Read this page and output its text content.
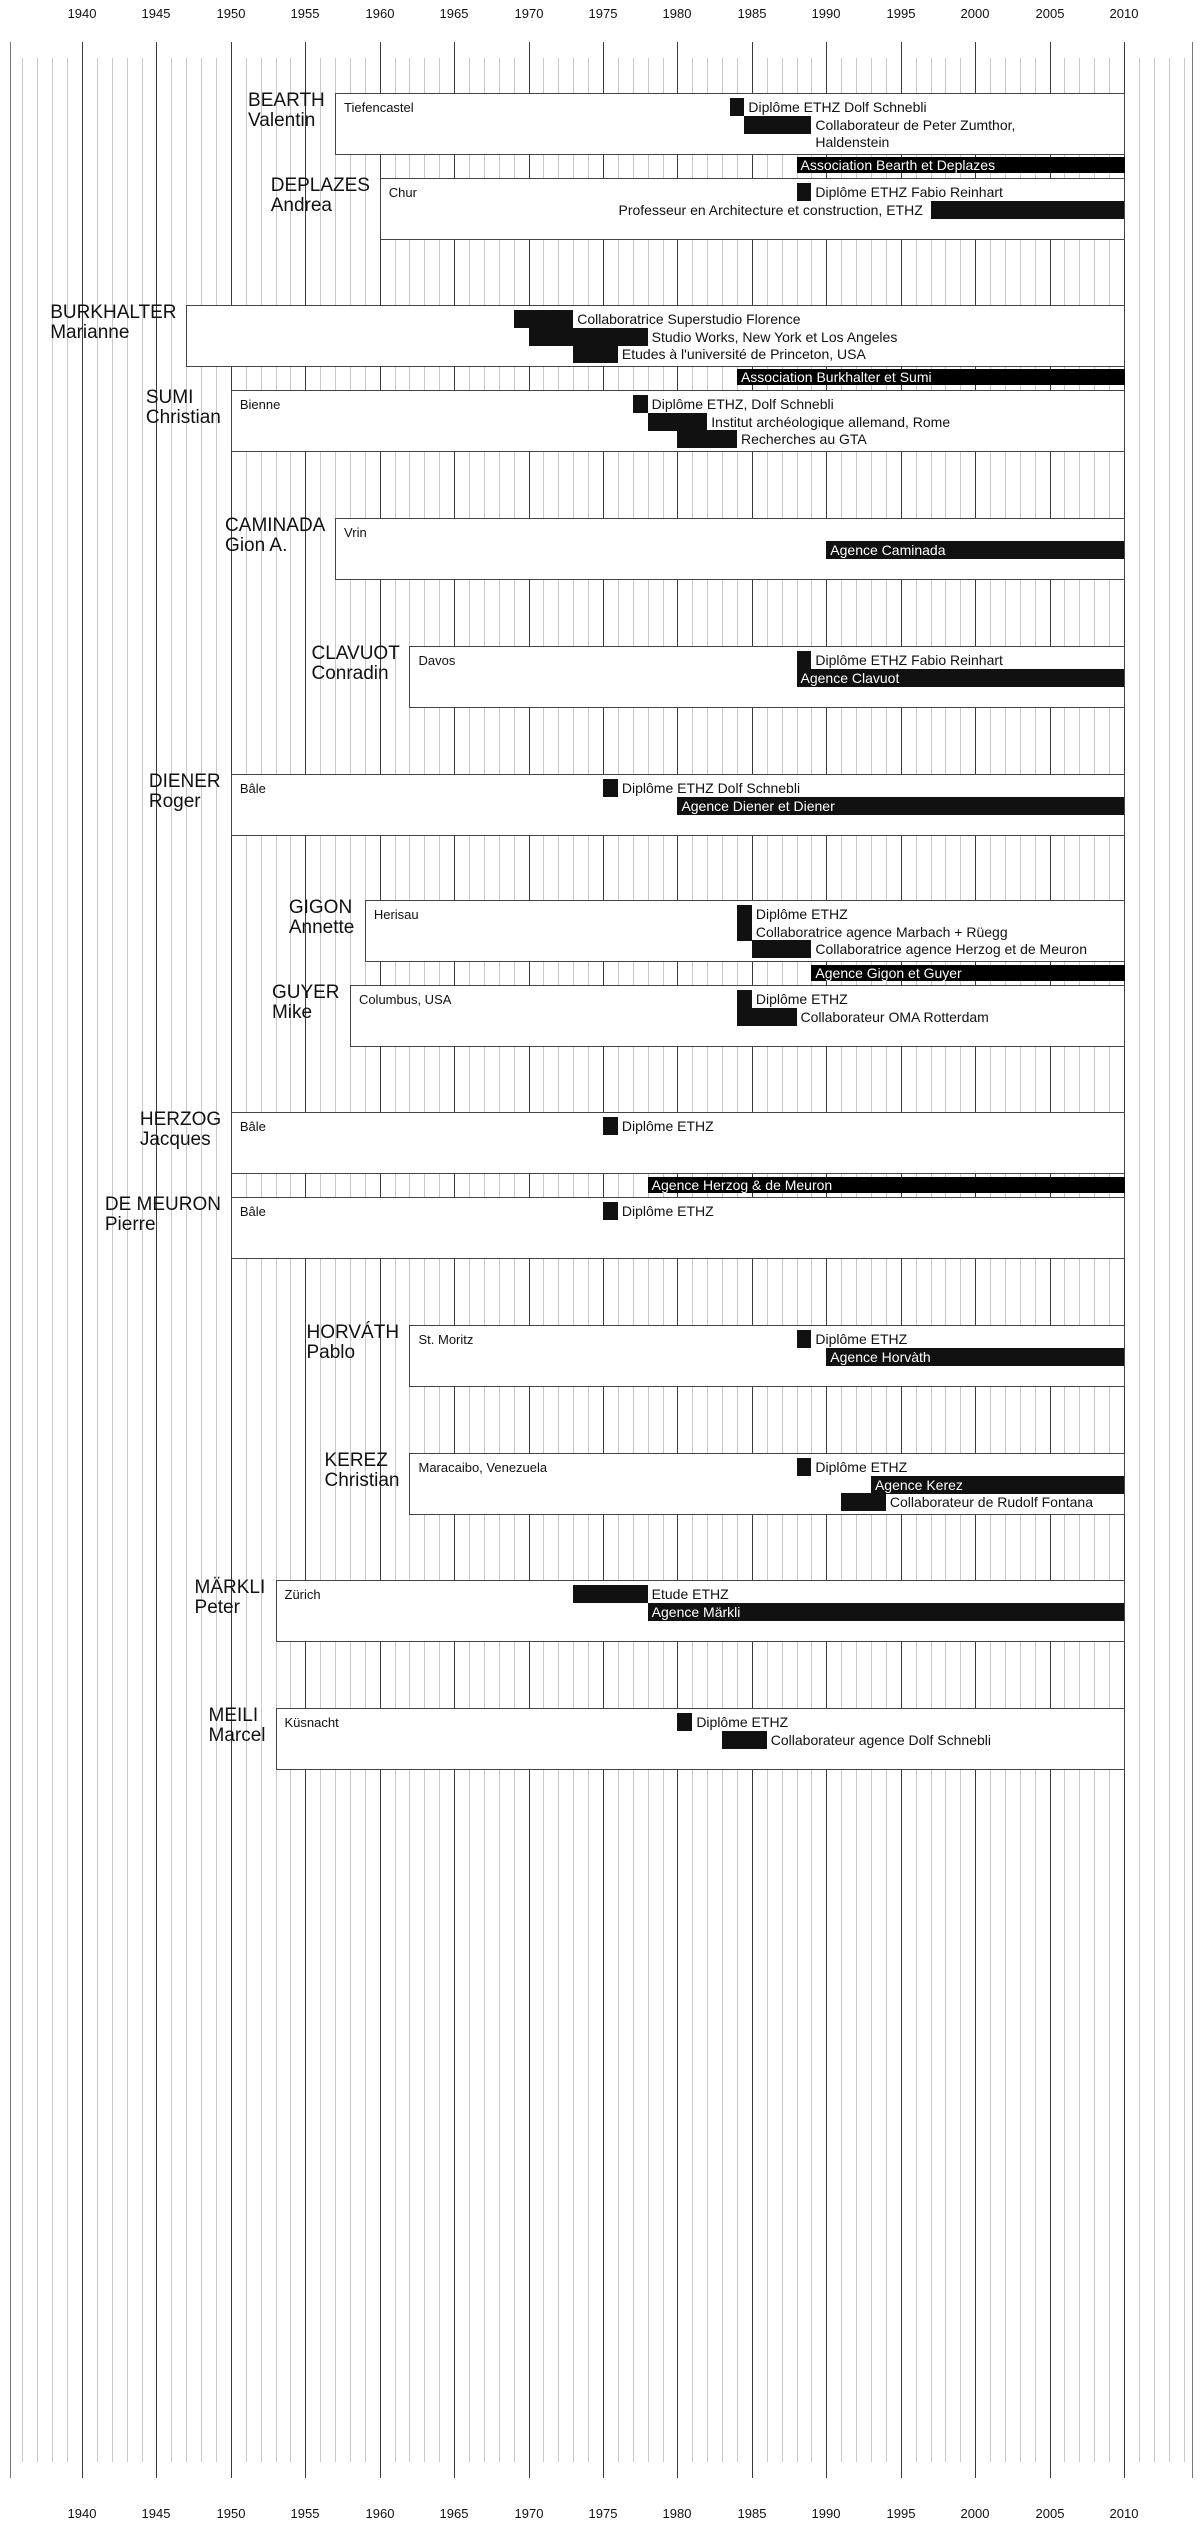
1940	1945	1950	1955	1960	1965	1970	1975	1980	1985	1990	1995	2000	2005	2010
1940	1945	1950	1955	1960	1965	1970	1975	1980	1985	1990	1995	2000	2005	2010
BEARTH

Valentin
Tiefencastel	Diplôme ETHZ Dolf Schnebli
Collaborateur de Peter Zumthor,
Haldenstein
DEPLAZES

Andrea
Chur	Diplôme ETHZ Fabio Reinhart
Professeur en Architecture et construction, ETHZ
BURKHALTER

Marianne
Collaboratrice Superstudio Florence
Studio Works, New York et Los Angeles
Etudes à l'université de Princeton, USA
SUMI

Christian
Bienne	Diplôme ETHZ, Dolf Schnebli
Institut archéologique allemand, Rome
Recherches au GTA
CAMINADA

Gion A.
Vrin
Agence Caminada
CLAVUOT

Conradin
Davos	Diplôme ETHZ Fabio Reinhart
Agence Clavuot
DIENER

Roger
Bâle	Diplôme ETHZ Dolf Schnebli
Agence Diener et Diener
GIGON

Annette
Herisau	Diplôme ETHZ
Collaboratrice agence Marbach + Rüegg
Collaboratrice agence Herzog et de Meuron
GUYER

Mike
Columbus, USA	Diplôme ETHZ
Collaborateur OMA Rotterdam
HERZOG

Jacques
Bâle	Diplôme ETHZ
DE MEURON

Pierre
Bâle	Diplôme ETHZ
HORVÁTH

Pablo
St. Moritz	Diplôme ETHZ
Agence Horvàth
KEREZ

Christian
Maracaibo, Venezuela	Diplôme ETHZ
Agence Kerez
Collaborateur de Rudolf Fontana
MÄRKLI

Peter
Zürich	Etude ETHZ
Agence Märkli
MEILI

Marcel
Küsnacht	Diplôme ETHZ
Collaborateur agence Dolf Schnebli
Association Bearth et Deplazes
Association Burkhalter et Sumi
Agence Gigon et Guyer
Agence Herzog & de Meuron
